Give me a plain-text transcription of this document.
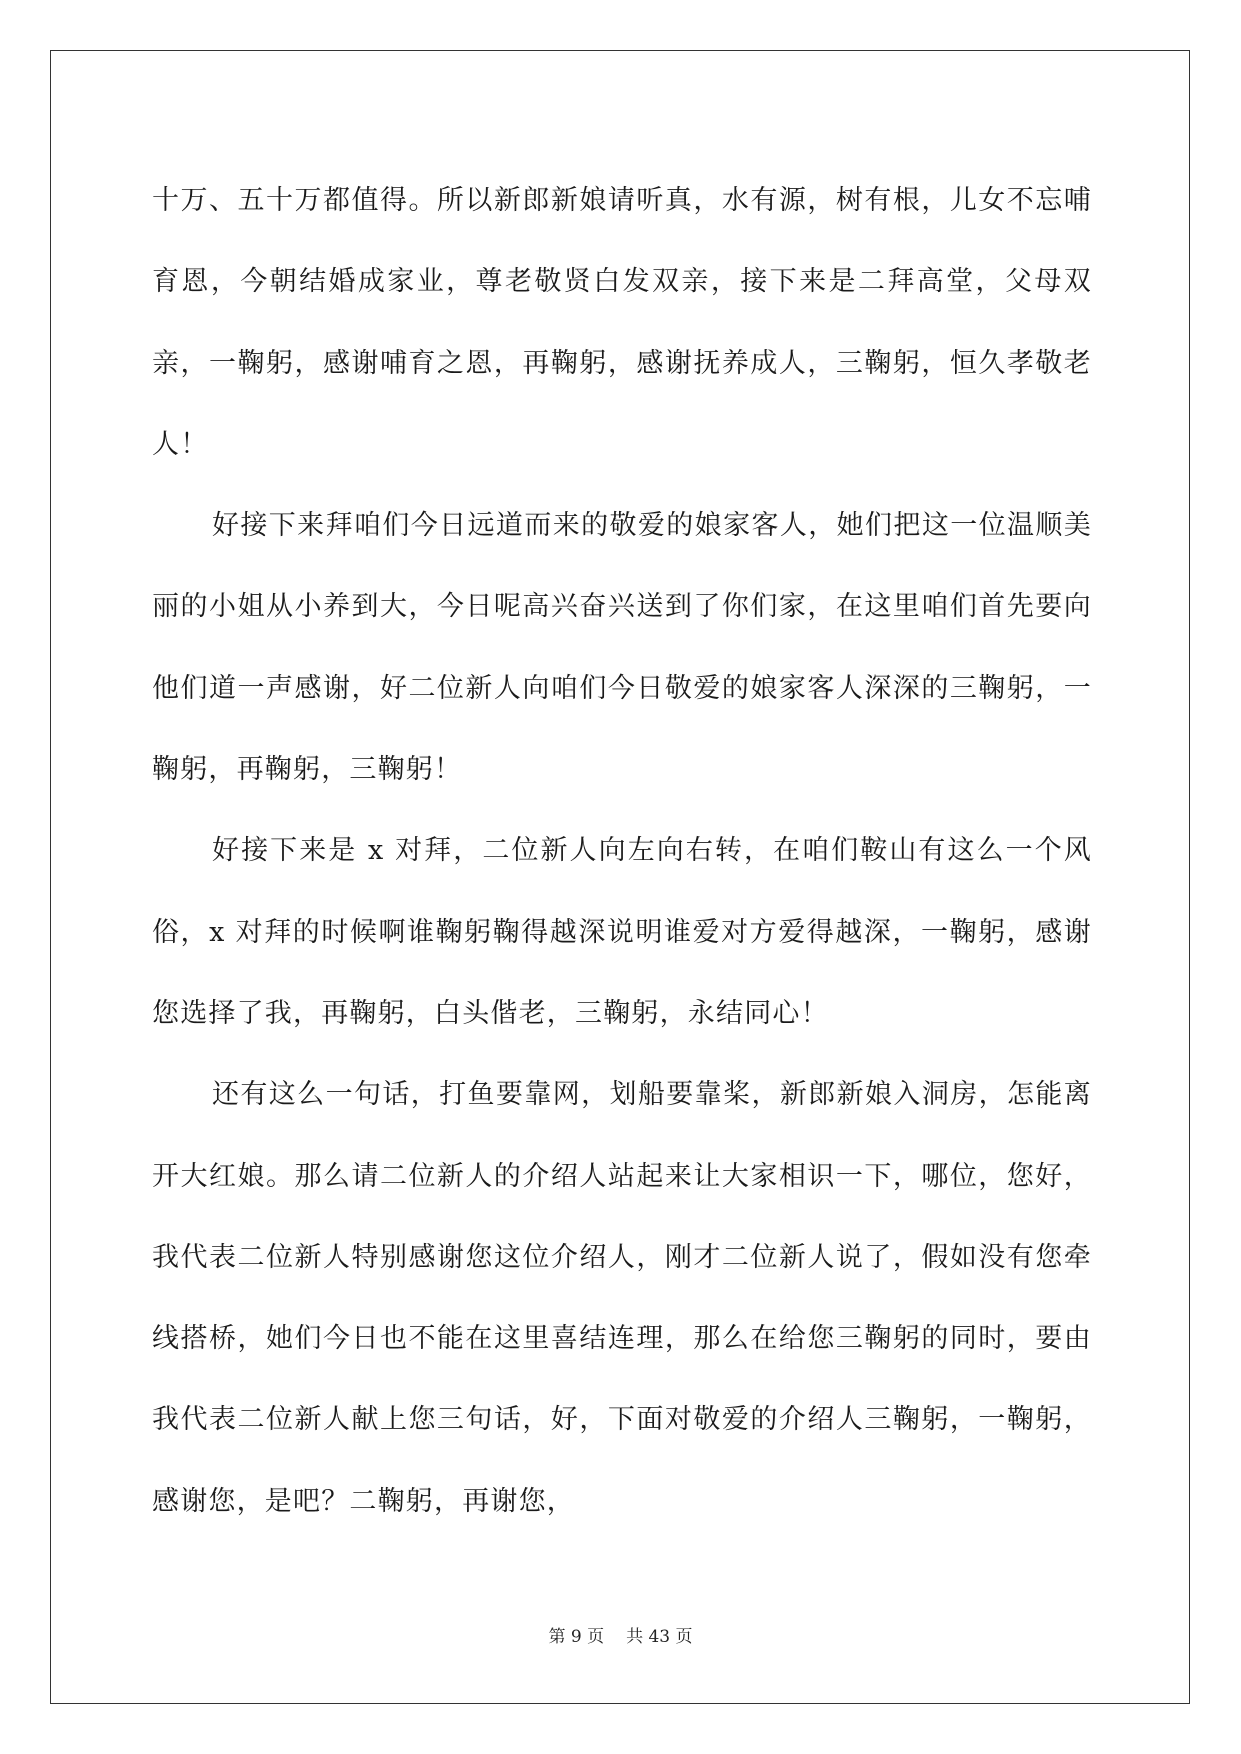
十万、五十万都值得。所以新郎新娘请听真，水有源，树有根，儿女不忘哺育恩，今朝结婚成家业，尊老敬贤白发双亲，接下来是二拜高堂，父母双亲，一鞠躬，感谢哺育之恩，再鞠躬，感谢抚养成人，三鞠躬，恒久孝敬老人！

好接下来拜咱们今日远道而来的敬爱的娘家客人，她们把这一位温顺美丽的小姐从小养到大，今日呢高兴奋兴送到了你们家，在这里咱们首先要向他们道一声感谢，好二位新人向咱们今日敬爱的娘家客人深深的三鞠躬，一鞠躬，再鞠躬，三鞠躬！

好接下来是 x 对拜，二位新人向左向右转，在咱们鞍山有这么一个风俗，x 对拜的时候啊谁鞠躬鞠得越深说明谁爱对方爱得越深，一鞠躬，感谢您选择了我，再鞠躬，白头偕老，三鞠躬，永结同心！

还有这么一句话，打鱼要靠网，划船要靠桨，新郎新娘入洞房，怎能离开大红娘。那么请二位新人的介绍人站起来让大家相识一下，哪位，您好，我代表二位新人特别感谢您这位介绍人，刚才二位新人说了，假如没有您牵线搭桥，她们今日也不能在这里喜结连理，那么在给您三鞠躬的同时，要由我代表二位新人献上您三句话，好，下面对敬爱的介绍人三鞠躬，一鞠躬，感谢您，是吧？二鞠躬，再谢您，

第 9 页 共 43 页
